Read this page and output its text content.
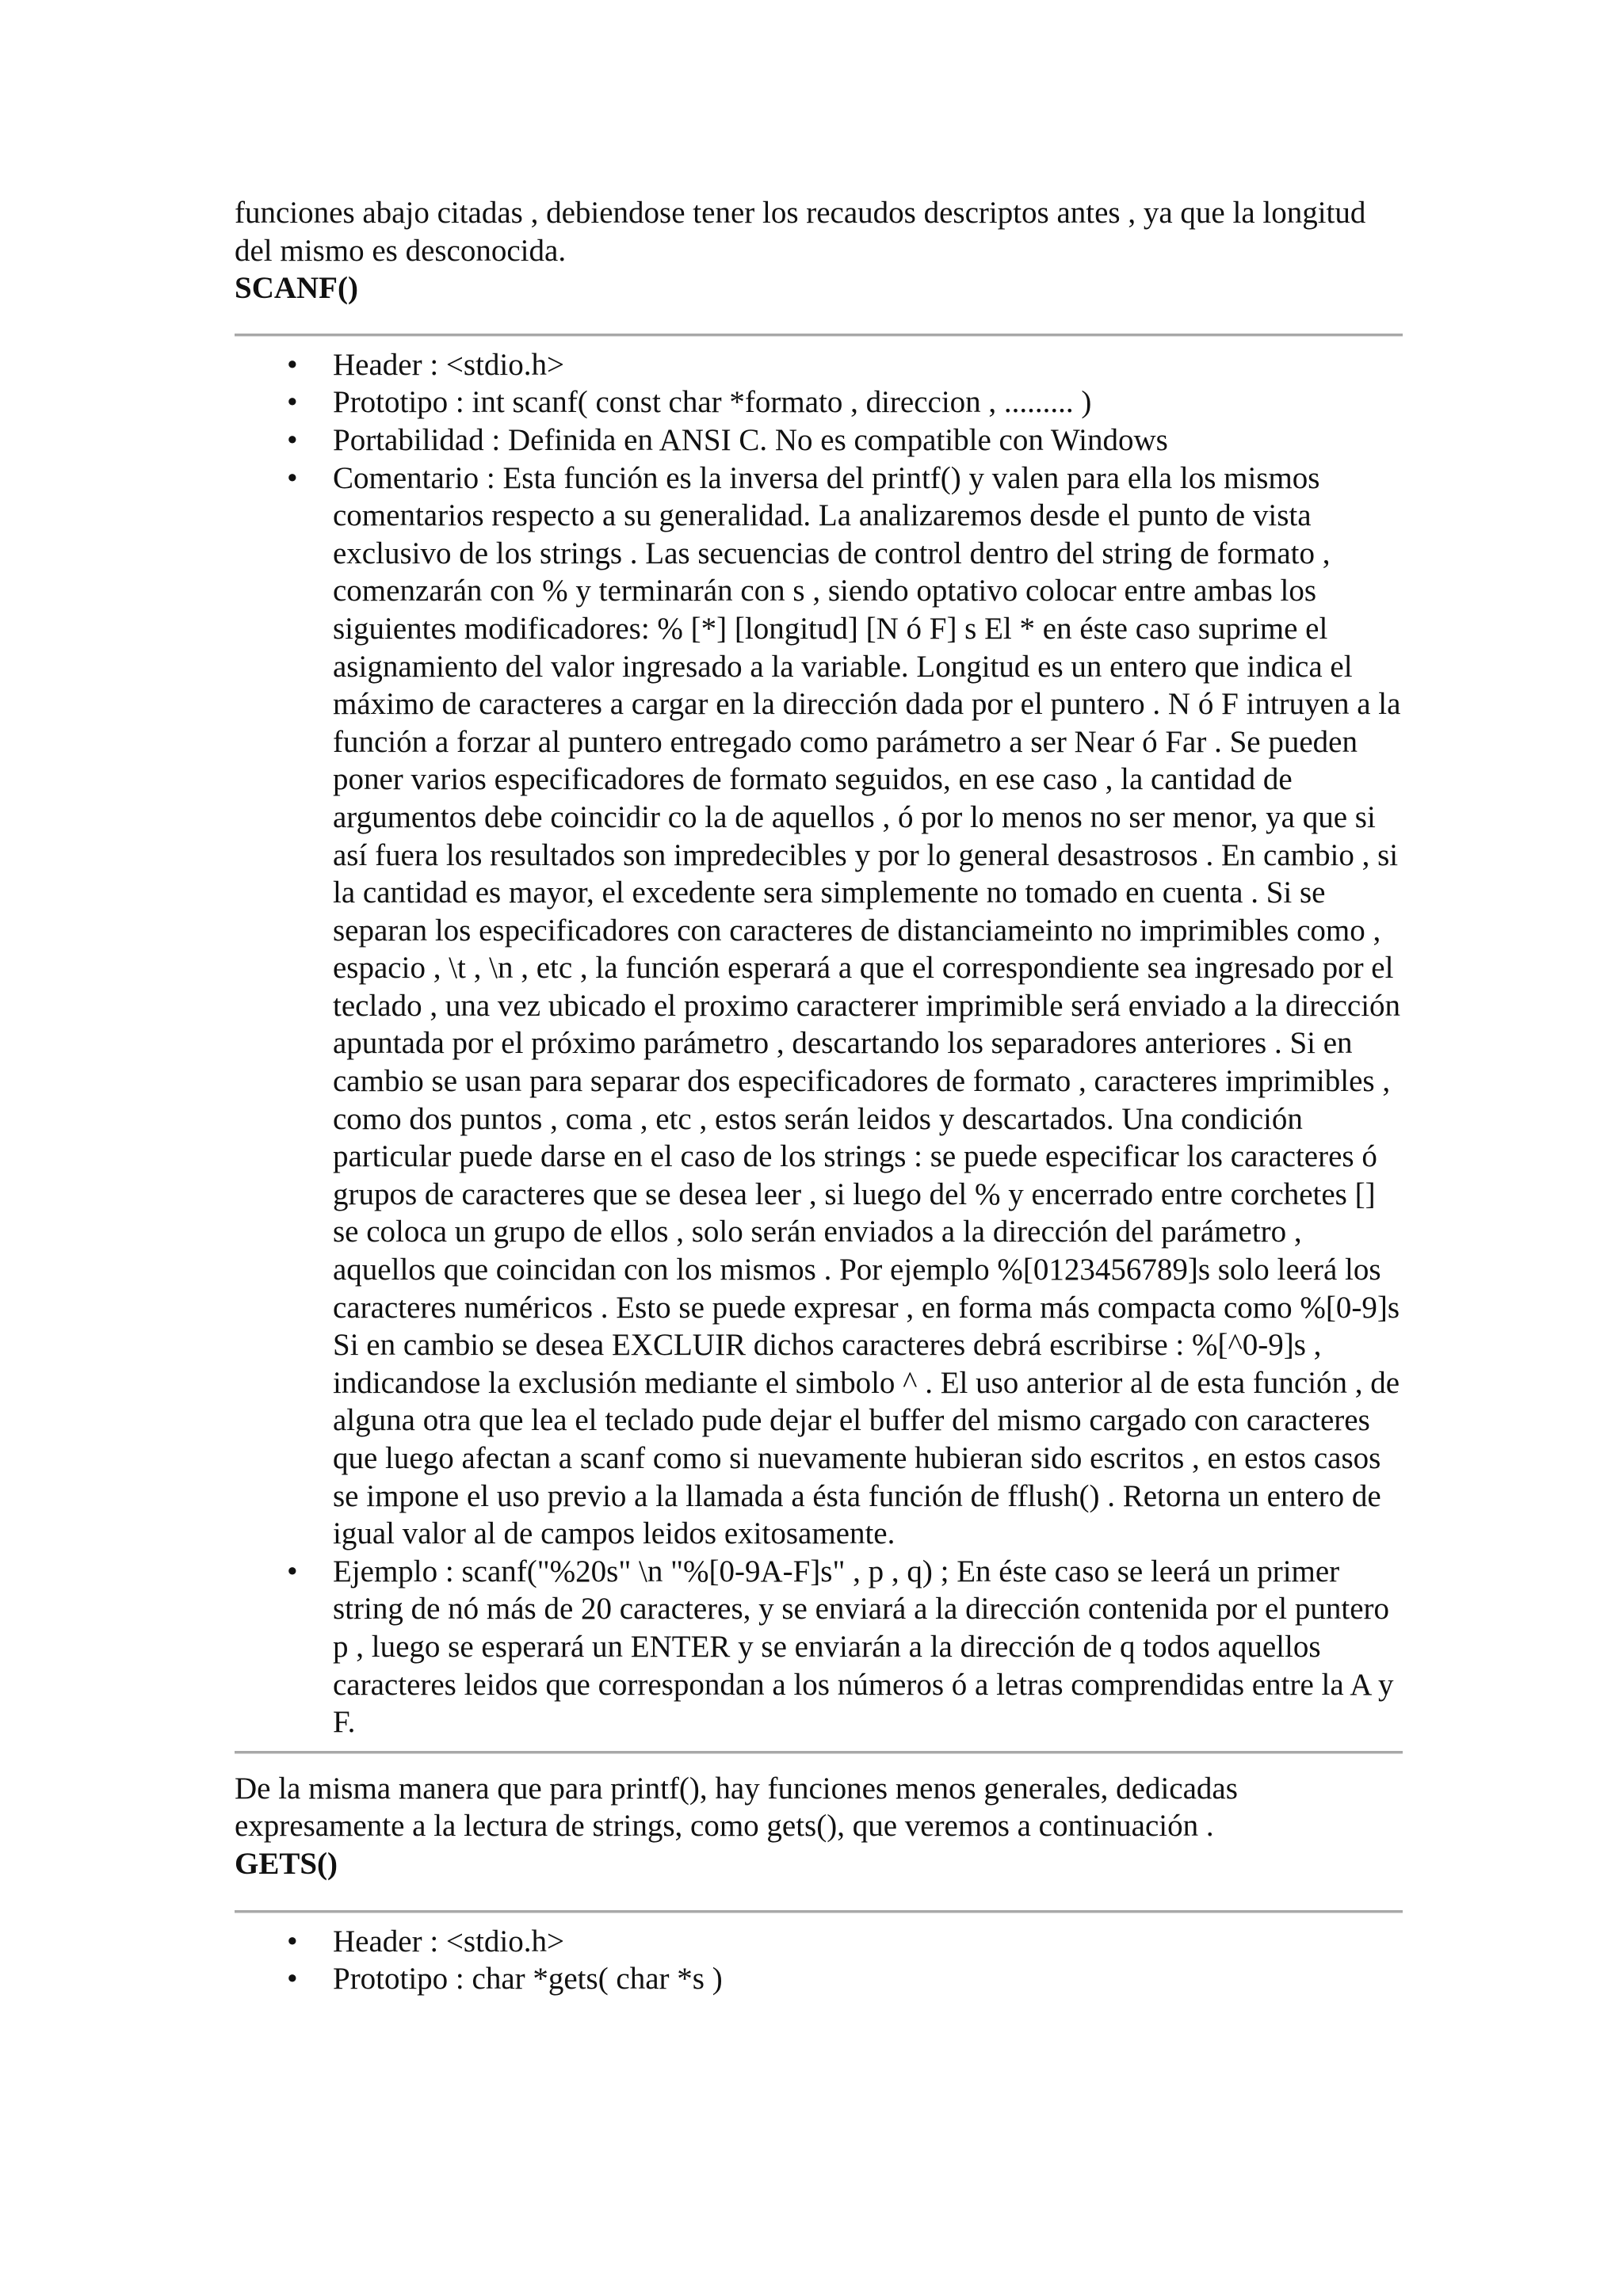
funciones abajo citadas , debiendose tener los recaudos descriptos antes , ya que la longitud del mismo es desconocida.

SCANF()

• Header : <stdio.h>
• Prototipo : int scanf( const char *formato , direccion , ......... )
• Portabilidad : Definida en ANSI C. No es compatible con Windows
• Comentario : Esta función es la inversa del printf() y valen para ella los mismos comentarios respecto a su generalidad. La analizaremos desde el punto de vista exclusivo de los strings . Las secuencias de control dentro del string de formato , comenzarán con % y terminarán con s , siendo optativo colocar entre ambas los siguientes modificadores: % [*] [longitud] [N ó F] s El * en éste caso suprime el asignamiento del valor ingresado a la variable. Longitud es un entero que indica el máximo de caracteres a cargar en la dirección dada por el puntero . N ó F intruyen a la función a forzar al puntero entregado como parámetro a ser Near ó Far . Se pueden poner varios especificadores de formato seguidos, en ese caso , la cantidad de argumentos debe coincidir co la de aquellos , ó por lo menos no ser menor, ya que si así fuera los resultados son impredecibles y por lo general desastrosos . En cambio , si la cantidad es mayor, el excedente sera simplemente no tomado en cuenta . Si se separan los especificadores con caracteres de distanciameinto no imprimibles como , espacio , \t , \n , etc , la función esperará a que el correspondiente sea ingresado por el teclado , una vez ubicado el proximo caracterer imprimible será enviado a la dirección apuntada por el próximo parámetro , descartando los separadores anteriores . Si en cambio se usan para separar dos especificadores de formato , caracteres imprimibles , como dos puntos , coma , etc , estos serán leidos y descartados. Una condición particular puede darse en el caso de los strings : se puede especificar los caracteres ó grupos de caracteres que se desea leer , si luego del % y encerrado entre corchetes [] se coloca un grupo de ellos , solo serán enviados a la dirección del parámetro , aquellos que coincidan con los mismos . Por ejemplo %[0123456789]s solo leerá los caracteres numéricos . Esto se puede expresar , en forma más compacta como %[0-9]s Si en cambio se desea EXCLUIR dichos caracteres debrá escribirse : %[^0-9]s , indicandose la exclusión mediante el simbolo ^ . El uso anterior al de esta función , de alguna otra que lea el teclado pude dejar el buffer del mismo cargado con caracteres que luego afectan a scanf como si nuevamente hubieran sido escritos , en estos casos se impone el uso previo a la llamada a ésta función de fflush() . Retorna un entero de igual valor al de campos leidos exitosamente.
• Ejemplo : scanf("%20s" \n "%[0-9A-F]s" , p , q) ; En éste caso se leerá un primer string de nó más de 20 caracteres, y se enviará a la dirección contenida por el puntero p , luego se esperará un ENTER y se enviarán a la dirección de q todos aquellos caracteres leidos que correspondan a los números ó a letras comprendidas entre la A y F.

De la misma manera que para printf(), hay funciones menos generales, dedicadas expresamente a la lectura de strings, como gets(), que veremos a continuación .

GETS()

• Header : <stdio.h>
• Prototipo : char *gets( char *s )
